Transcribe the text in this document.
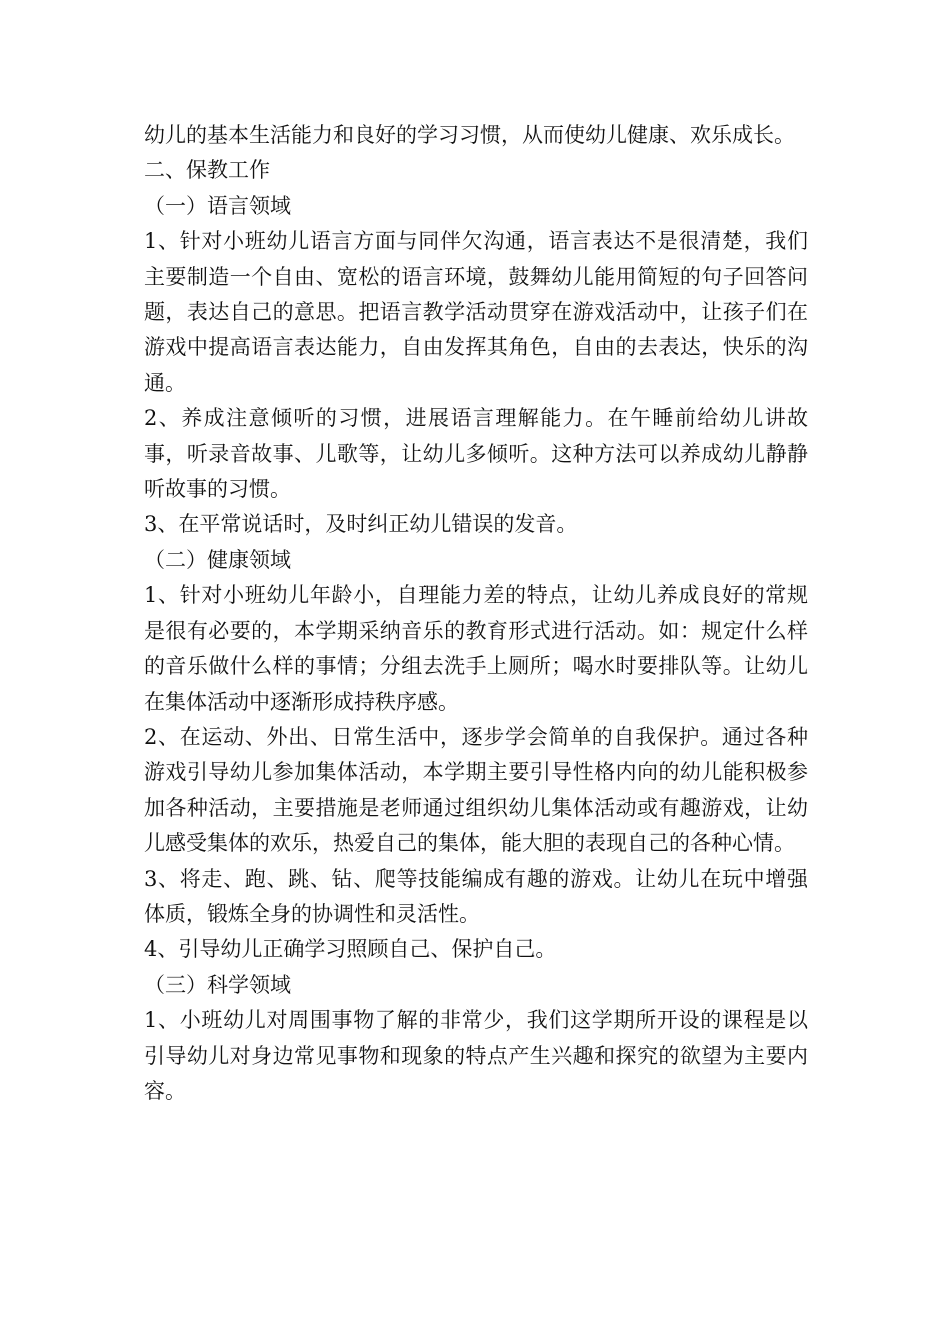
幼儿的基本生活能力和良好的学习习惯，从而使幼儿健康、欢乐成长。

二、保教工作

（一）语言领域

1、针对小班幼儿语言方面与同伴欠沟通，语言表达不是很清楚，我们主要制造一个自由、宽松的语言环境，鼓舞幼儿能用简短的句子回答问题，表达自己的意思。把语言教学活动贯穿在游戏活动中，让孩子们在游戏中提高语言表达能力，自由发挥其角色，自由的去表达，快乐的沟通。

2、养成注意倾听的习惯，进展语言理解能力。在午睡前给幼儿讲故事，听录音故事、儿歌等，让幼儿多倾听。这种方法可以养成幼儿静静听故事的习惯。

3、在平常说话时，及时纠正幼儿错误的发音。

（二）健康领域

1、针对小班幼儿年龄小，自理能力差的特点，让幼儿养成良好的常规是很有必要的，本学期采纳音乐的教育形式进行活动。如：规定什么样的音乐做什么样的事情；分组去洗手上厕所；喝水时要排队等。让幼儿在集体活动中逐渐形成持秩序感。

2、在运动、外出、日常生活中，逐步学会简单的自我保护。通过各种游戏引导幼儿参加集体活动，本学期主要引导性格内向的幼儿能积极参加各种活动，主要措施是老师通过组织幼儿集体活动或有趣游戏，让幼儿感受集体的欢乐，热爱自己的集体，能大胆的表现自己的各种心情。

3、将走、跑、跳、钻、爬等技能编成有趣的游戏。让幼儿在玩中增强体质，锻炼全身的协调性和灵活性。

4、引导幼儿正确学习照顾自己、保护自己。

（三）科学领域

1、小班幼儿对周围事物了解的非常少，我们这学期所开设的课程是以引导幼儿对身边常见事物和现象的特点产生兴趣和探究的欲望为主要内容。
